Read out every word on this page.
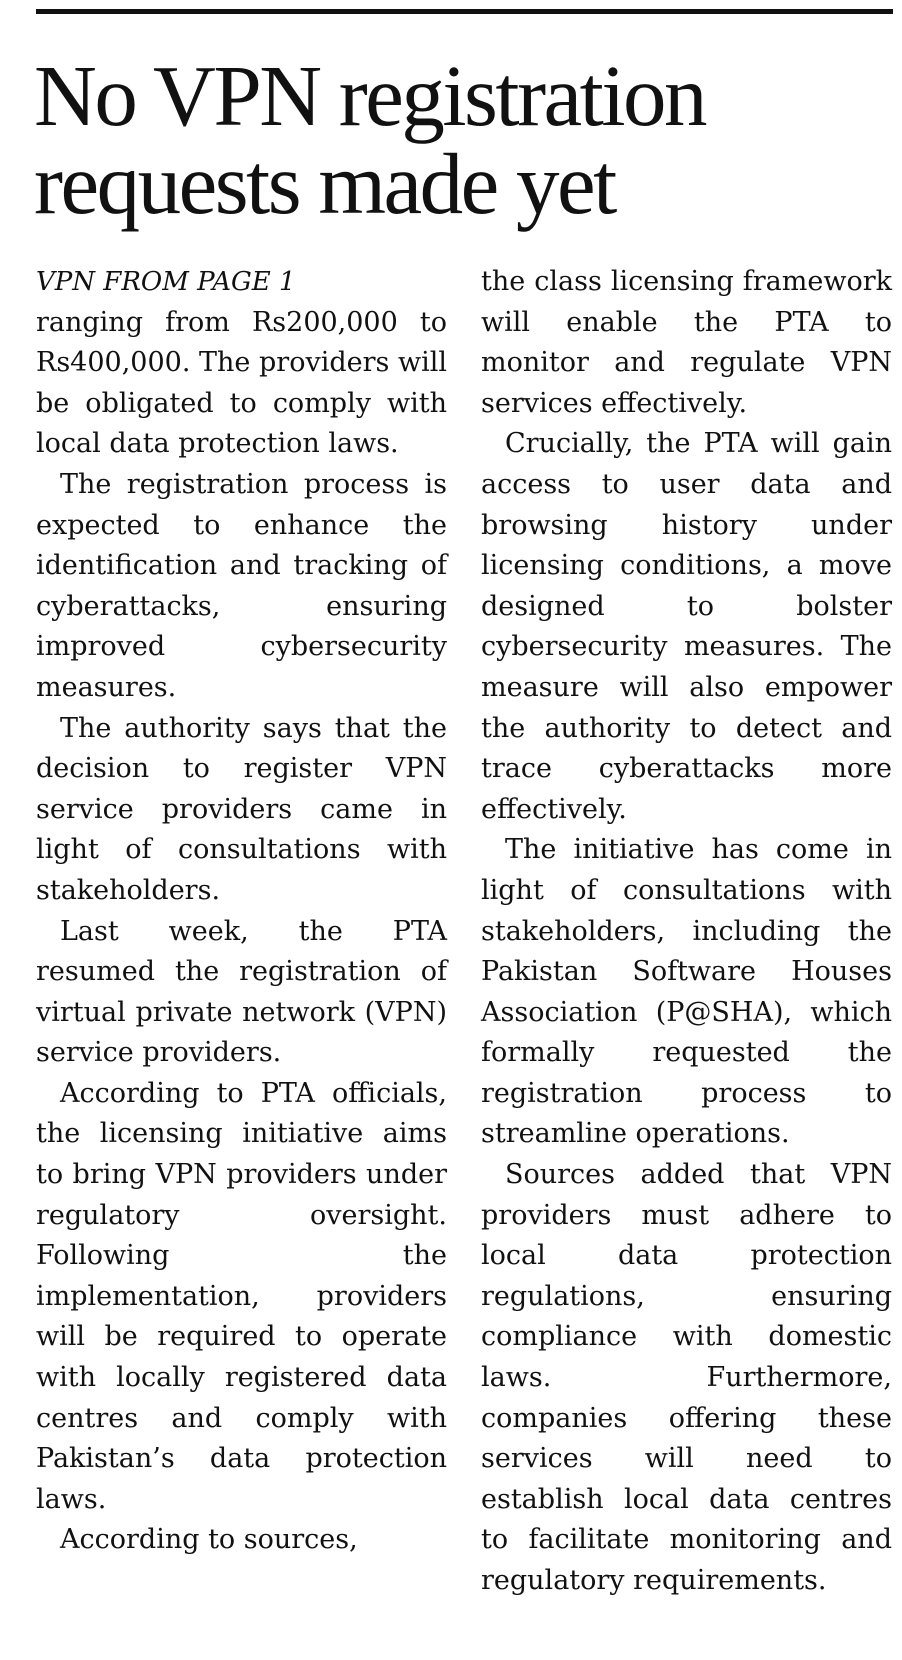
No VPN registration requests made yet
VPN FROM PAGE 1

ranging from Rs200,000 to Rs400,000. The providers will be obligated to comply with local data protection laws.

The registration process is expected to enhance the identification and tracking of cyberattacks, ensuring improved cybersecurity measures.

The authority says that the decision to register VPN service providers came in light of consultations with stakeholders.

Last week, the PTA resumed the registration of virtual private network (VPN) service providers.

According to PTA officials, the licensing initiative aims to bring VPN providers under regulatory oversight. Following the implementation, providers will be required to operate with locally registered data centres and comply with Pakistan’s data protection laws.

According to sources,

the class licensing framework will enable the PTA to monitor and regulate VPN services effectively.

Crucially, the PTA will gain access to user data and browsing history under licensing conditions, a move designed to bolster cybersecurity measures. The measure will also empower the authority to detect and trace cyberattacks more effectively.

The initiative has come in light of consultations with stakeholders, including the Pakistan Software Houses Association (P@SHA), which formally requested the registration process to streamline operations.

Sources added that VPN providers must adhere to local data protection regulations, ensuring compliance with domestic laws. Furthermore, companies offering these services will need to establish local data centres to facilitate monitoring and regulatory requirements.
